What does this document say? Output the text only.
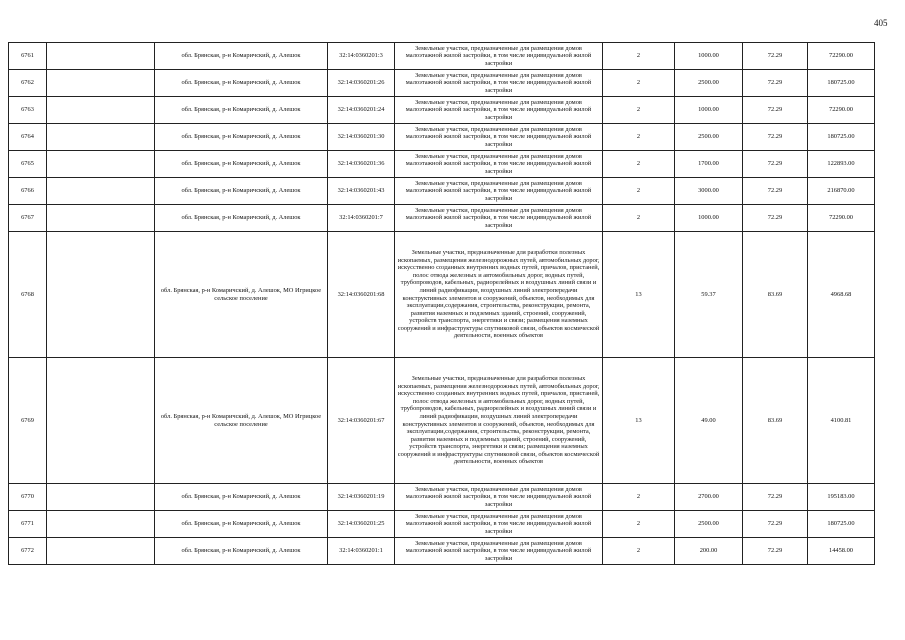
405
6761		обл. Брянская, р-н Комаричский, д. Алешок	32:14:0360201:3	Земельные участки, предназначенные для размещения домов малоэтажной жилой застройки, в том числе индивидуальной жилой застройки	2	1000.00	72.29	72290.00
6762		обл. Брянская, р-н Комаричский, д. Алешок	32:14:0360201:26	Земельные участки, предназначенные для размещения домов малоэтажной жилой застройки, в том числе индивидуальной жилой застройки	2	2500.00	72.29	180725.00
6763		обл. Брянская, р-н Комаричский, д. Алешок	32:14:0360201:24	Земельные участки, предназначенные для размещения домов малоэтажной жилой застройки, в том числе индивидуальной жилой застройки	2	1000.00	72.29	72290.00
6764		обл. Брянская, р-н Комаричский, д. Алешок	32:14:0360201:30	Земельные участки, предназначенные для размещения домов малоэтажной жилой застройки, в том числе индивидуальной жилой застройки	2	2500.00	72.29	180725.00
6765		обл. Брянская, р-н Комаричский, д. Алешок	32:14:0360201:36	Земельные участки, предназначенные для размещения домов малоэтажной жилой застройки, в том числе индивидуальной жилой застройки	2	1700.00	72.29	122893.00
6766		обл. Брянская, р-н Комаричский, д. Алешок	32:14:0360201:43	Земельные участки, предназначенные для размещения домов малоэтажной жилой застройки, в том числе индивидуальной жилой застройки	2	3000.00	72.29	216870.00
6767		обл. Брянская, р-н Комаричский, д. Алешок	32:14:0360201:7	Земельные участки, предназначенные для размещения домов малоэтажной жилой застройки, в том числе индивидуальной жилой застройки	2	1000.00	72.29	72290.00
6768		обл. Брянская, р-н Комаричский, д. Алешок, МО Игрицкое сельское поселение	32:14:0360201:68	Земельные участки, предназначенные для разработки полезных ископаемых, размещения железнодорожных путей, автомобильных дорог, искусственно созданных внутренних водных путей, причалов, пристаней, полос отвода железных и автомобильных дорог, водных путей, трубопроводов, кабельных, радиорелейных и воздушных линий связи и линий радиофикации, воздушных линий электропередачи конструктивных элементов и сооружений, объектов, необходимых для эксплуатации,содержания, строительства, реконструкции, ремонта, развития наземных и подземных зданий, строений, сооружений, устройств транспорта, энергетики и связи; размещения наземных сооружений и инфраструктуры спутниковой связи, объектов космической деятельности, военных объектов	13	59.37	83.69	4968.68
6769		обл. Брянская, р-н Комаричский, д. Алешок, МО Игрицкое сельское поселение	32:14:0360201:67	Земельные участки, предназначенные для разработки полезных ископаемых, размещения железнодорожных путей, автомобильных дорог, искусственно созданных внутренних водных путей, причалов, пристаней, полос отвода железных и автомобильных дорог, водных путей, трубопроводов, кабельных, радиорелейных и воздушных линий связи и линий радиофикации, воздушных линий электропередачи конструктивных элементов и сооружений, объектов, необходимых для эксплуатации,содержания, строительства, реконструкции, ремонта, развития наземных и подземных зданий, строений, сооружений, устройств транспорта, энергетики и связи; размещения наземных сооружений и инфраструктуры спутниковой связи, объектов космической деятельности, военных объектов	13	49.00	83.69	4100.81
6770		обл. Брянская, р-н Комаричский, д. Алешок	32:14:0360201:19	Земельные участки, предназначенные для размещения домов малоэтажной жилой застройки, в том числе индивидуальной жилой застройки	2	2700.00	72.29	195183.00
6771		обл. Брянская, р-н Комаричский, д. Алешок	32:14:0360201:25	Земельные участки, предназначенные для размещения домов малоэтажной жилой застройки, в том числе индивидуальной жилой застройки	2	2500.00	72.29	180725.00
6772		обл. Брянская, р-н Комаричский, д. Алешок	32:14:0360201:1	Земельные участки, предназначенные для размещения домов малоэтажной жилой застройки, в том числе индивидуальной жилой застройки	2	200.00	72.29	14458.00
